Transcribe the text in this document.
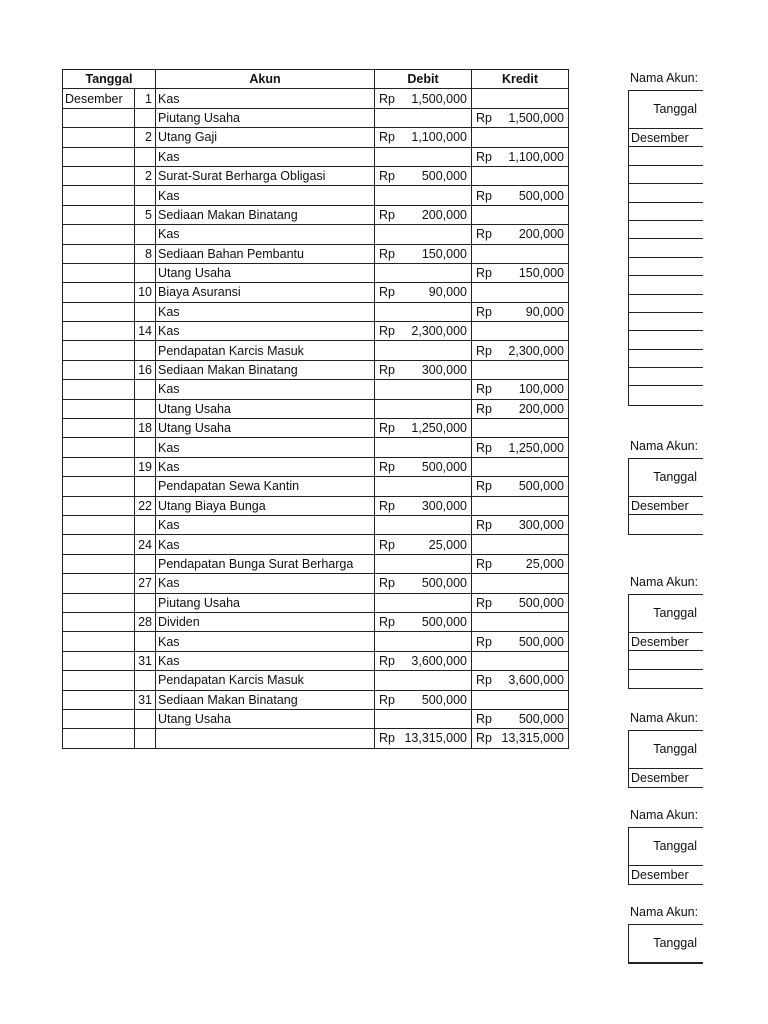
Tanggal		Akun	Debit	Kredit
Desember	1	Kas	Rp 1,500,000	

		Piutang Usaha		Rp 1,500,000

	2	Utang Gaji	Rp 1,100,000	

		Kas		Rp 1,100,000

	2	Surat-Surat Berharga Obligasi	Rp 500,000	

		Kas		Rp 500,000

	5	Sediaan Makan Binatang	Rp 200,000	

		Kas		Rp 200,000

	8	Sediaan Bahan Pembantu	Rp 150,000	

		Utang Usaha		Rp 150,000

	10	Biaya Asuransi	Rp 90,000	

		Kas		Rp 90,000

	14	Kas	Rp 2,300,000	

		Pendapatan Karcis Masuk		Rp 2,300,000

	16	Sediaan Makan Binatang	Rp 300,000	

		Kas		Rp 100,000

		Utang Usaha		Rp 200,000

	18	Utang Usaha	Rp 1,250,000	

		Kas		Rp 1,250,000

	19	Kas	Rp 500,000	

		Pendapatan Sewa Kantin		Rp 500,000

	22	Utang Biaya Bunga	Rp 300,000	

		Kas		Rp 300,000

	24	Kas	Rp 25,000	

		Pendapatan Bunga Surat Berharga		Rp 25,000

	27	Kas	Rp 500,000	

		Piutang Usaha		Rp 500,000

	28	Dividen	Rp 500,000	

		Kas		Rp 500,000

	31	Kas	Rp 3,600,000	

		Pendapatan Karcis Masuk		Rp 3,600,000

	31	Sediaan Makan Binatang	Rp 500,000	

		Utang Usaha		Rp 500,000

			Rp 13,315,000	Rp 13,315,000
Nama Akun:
Tanggal
Desember
Nama Akun:
Tanggal
Desember
Nama Akun:
Tanggal
Desember
Nama Akun:
Tanggal
Desember
Nama Akun:
Tanggal
Desember
Nama Akun:
Tanggal
